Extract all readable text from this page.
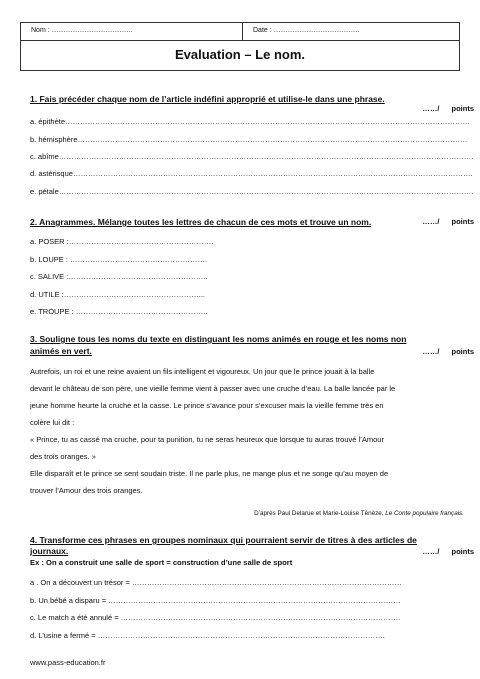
Nom : ……………………………..	Date : ……………………………….
Evaluation – Le nom.

1. Fais précéder chaque nom de l’article indéfini approprié et utilise-le dans une phrase.

……/ points
a. épithète………………………………………………………………………………………………………………………………………………
b. hémisphère…………………………………………………………………………………………………………………………………………
c. abîme………………………………………………………………………………………………………………………………………………….
d. astérisque…………………………………………………………………………………………………………………………………………….
e. pétale………………………………………………………………………………………………………………………………………………….

2. Anagrammes. Mélange toutes les lettres de chacun de ces mots et trouve un nom.	……/ points
a. POSER :………………………………………………….
b. LOUPE : ……………………………………………….
c. SALIVE :………………………………………………..
d. UTILE :………………………………………………...
e. TROUPE : ……………………………………………..

3. Souligne tous les noms du texte en distinguant les noms animés en rouge et les noms non

animés en vert.	……/ points
Autrefois, un roi et une reine avaient un fils intelligent et vigoureux. Un jour que le prince jouait à la balle
devant le château de son père, une vieille femme vient à passer avec une cruche d’eau. La balle lancée par le
jeune homme heurte la cruche et la casse. Le prince s’avance pour s’excuser mais la vieille femme très en
colère lui dit :
« Prince, tu as cassé ma cruche, pour ta punition, tu ne seras heureux que lorsque tu auras trouvé l’Amour
des trois oranges. »
Elle disparaît et le prince se sent soudain triste. Il ne parle plus, ne mange plus et ne songe qu’au moyen de
trouver l’Amour des trois oranges.
D’après Paul Delarue et Marie-Louise Ténèze, Le Conte populaire français.

4. Transforme ces phrases en groupes nominaux qui pourraient servir de titres à des articles de

journaux.	……/ points
Ex : On a construit une salle de sport = construction d’une salle de sport
a . On a découvert un trésor = ………………………………………………………………………………………………
b. Un bébé a disparu = ………………………………………………………………………………………………………
c. Le match a été annulé = ………………………………………………………………………………………………….
d. L’usine a fermé = …………………………………………………………………………………………………….
www.pass-education.fr
